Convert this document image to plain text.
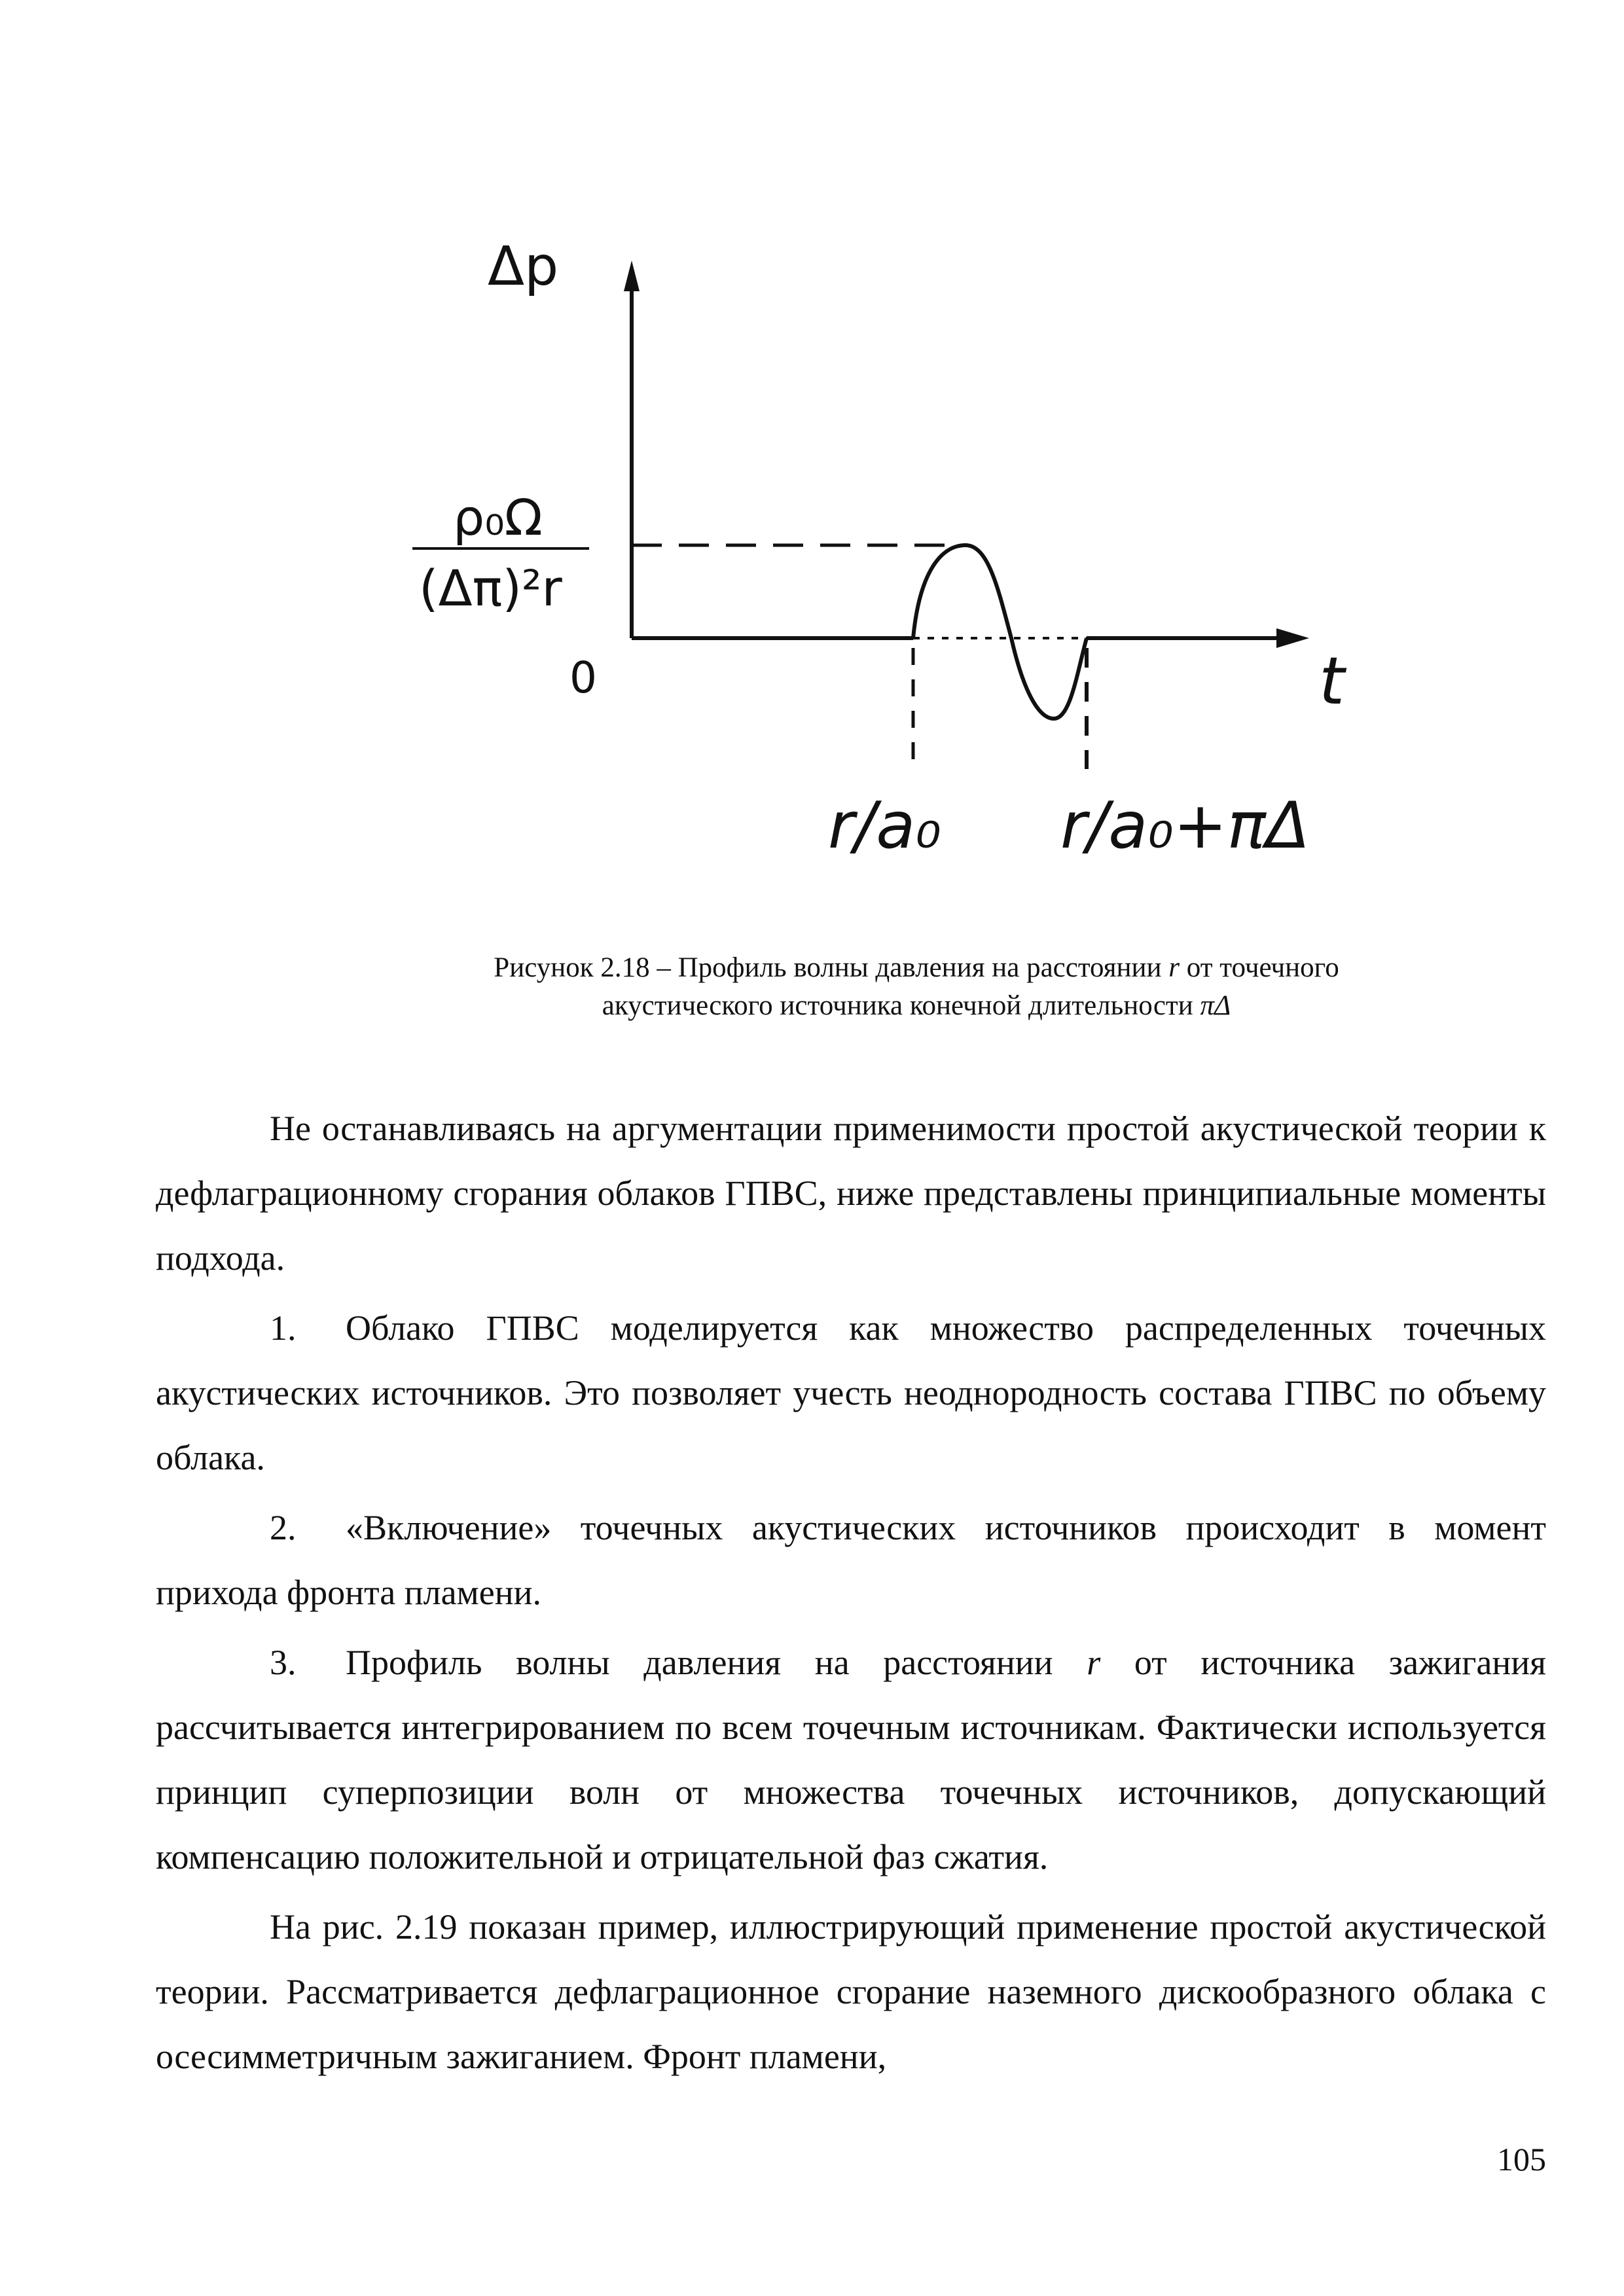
Δp
ρ₀Ω
(Δπ)²r
0	t
r/a₀ r/a₀+πΔ
Рисунок 2.18 – Профиль волны давления на расстоянии r от точечного
акустического источника конечной длительности πΔ

Не останавливаясь на аргументации применимости простой акустической теории к дефлаграционному сгорания облаков ГПВС, ниже представлены принципиальные моменты подхода.

1. Облако ГПВС моделируется как множество распределенных точечных акустических источников. Это позволяет учесть неоднородность состава ГПВС по объему облака.

2. «Включение» точечных акустических источников происходит в момент прихода фронта пламени.

3. Профиль волны давления на расстоянии r от источника зажигания рассчитывается интегрированием по всем точечным источникам. Фактически используется принцип суперпозиции волн от множества точечных источников, допускающий компенсацию положительной и отрицательной фаз сжатия.

На рис. 2.19 показан пример, иллюстрирующий применение простой акустической теории. Рассматривается дефлаграционное сгорание наземного дискообразного облака с осесимметричным зажиганием. Фронт пламени,

105
